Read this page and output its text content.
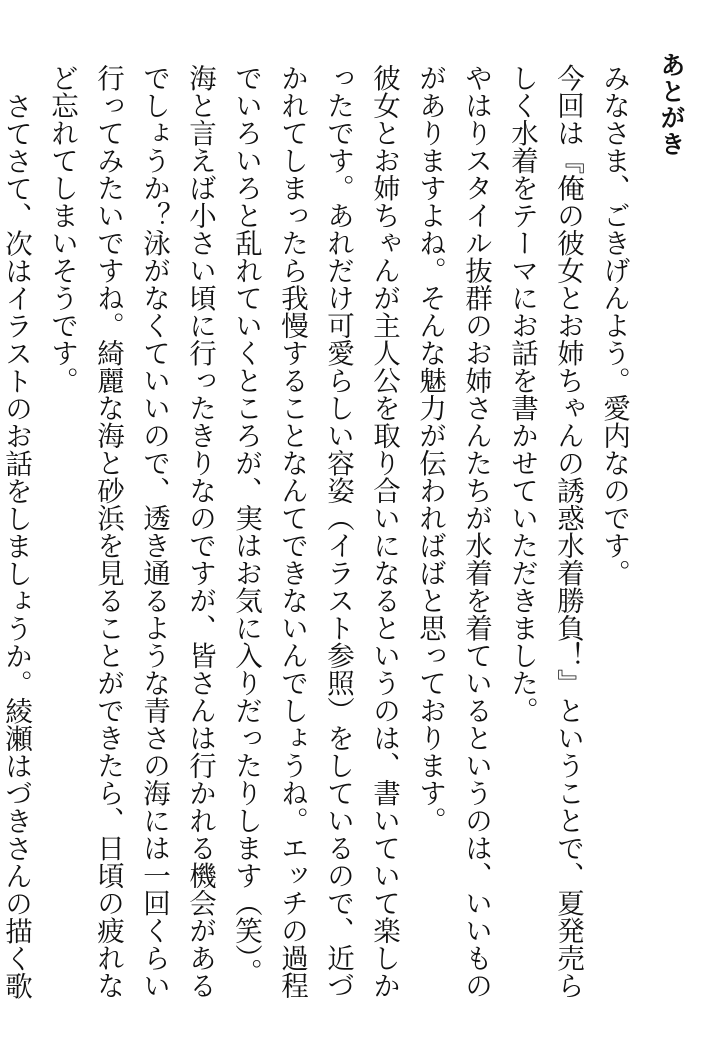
あとがき

みなさま、ごきげんよう。愛内なのです。

今回は『俺の彼女とお姉ちゃんの誘惑水着勝負！』ということで、夏発売らしく水着をテーマにお話を書かせていただきました。

やはりスタイル抜群のお姉さんたちが水着を着ているというのは、いいものがありますよね。そんな魅力が伝わればばと思っております。

彼女とお姉ちゃんが主人公を取り合いになるというのは、書いていて楽しかったです。あれだけ可愛らしい容姿（イラスト参照）をしているので、近づかれてしまったら我慢することなんてできないんでしょうね。エッチの過程でいろいろと乱れていくところが、実はお気に入りだったりします（笑）。

海と言えば小さい頃に行ったきりなのですが、皆さんは行かれる機会があるでしょうか？泳がなくていいので、透き通るような青さの海には一回くらい行ってみたいですね。綺麗な海と砂浜を見ることができたら、日頃の疲れなど忘れてしまいそうです。

さてさて、次はイラストのお話をしましょうか。綾瀬はづきさんの描く歌
